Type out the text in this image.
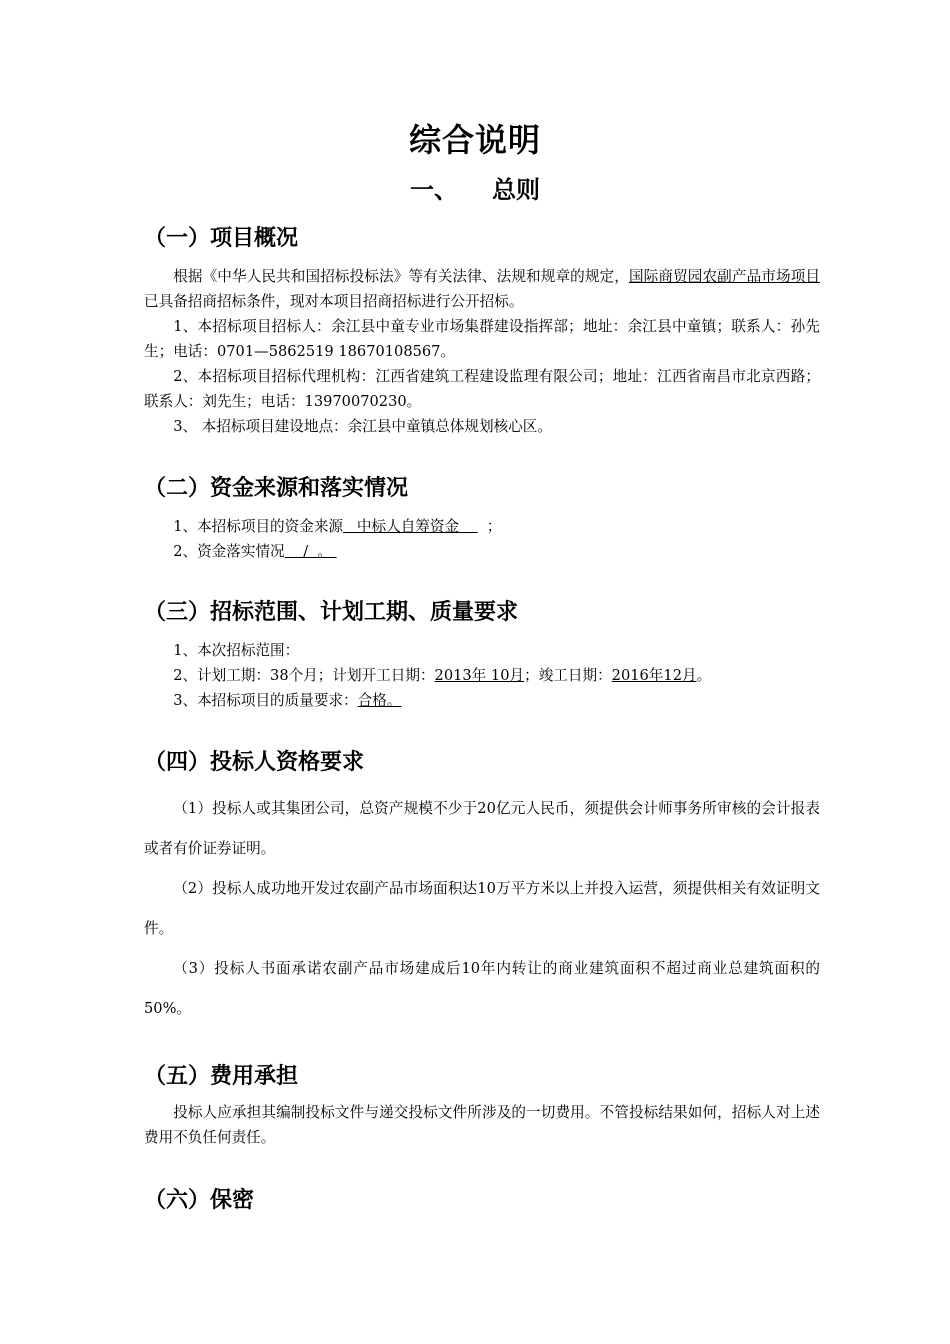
综合说明
一、 总则
（一）项目概况
根据《中华人民共和国招标投标法》等有关法律、法规和规章的规定，国际商贸园农副产品市场项目已具备招商招标条件，现对本项目招商招标进行公开招标。
1、本招标项目招标人：余江县中童专业市场集群建设指挥部；地址：余江县中童镇；联系人：孙先生；电话：0701—5862519 18670108567。
2、本招标项目招标代理机构：江西省建筑工程建设监理有限公司；地址：江西省南昌市北京西路；联系人：刘先生；电话：13970070230。
3、 本招标项目建设地点：余江县中童镇总体规划核心区。
（二）资金来源和落实情况
1、本招标项目的资金来源   中标人自筹资金      ；
2、资金落实情况    /  。
（三）招标范围、计划工期、质量要求
1、本次招标范围：
2、计划工期：38个月；计划开工日期：2013年 10月；竣工日期：2016年12月。
3、本招标项目的质量要求：合格。
（四）投标人资格要求
（1）投标人或其集团公司，总资产规模不少于20亿元人民币，须提供会计师事务所审核的会计报表或者有价证券证明。
（2）投标人成功地开发过农副产品市场面积达10万平方米以上并投入运营，须提供相关有效证明文件。
（3）投标人书面承诺农副产品市场建成后10年内转让的商业建筑面积不超过商业总建筑面积的50%。
（五）费用承担
投标人应承担其编制投标文件与递交投标文件所涉及的一切费用。不管投标结果如何，招标人对上述费用不负任何责任。
（六）保密
